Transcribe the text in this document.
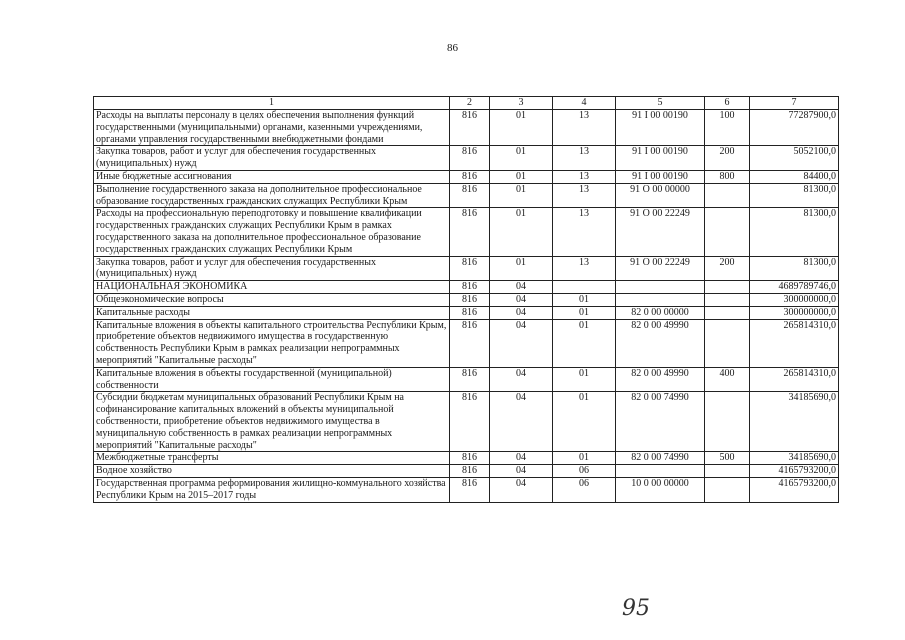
86
1	2	3	4	5	6	7
Расходы на выплаты персоналу в целях обеспечения выполнения функций государственными (муниципальными) органами, казенными учреждениями, органами управления государственными внебюджетными фондами	816	01	13	91 I 00 00190	100	77287900,0
Закупка товаров, работ и услуг для обеспечения государственных (муниципальных) нужд	816	01	13	91 I 00 00190	200	5052100,0
Иные бюджетные ассигнования	816	01	13	91 I 00 00190	800	84400,0
Выполнение государственного заказа на дополнительное профессиональное образование государственных гражданских служащих Республики Крым	816	01	13	91 O 00 00000		81300,0
Расходы на профессиональную переподготовку и повышение квалификации государственных гражданских служащих Республики Крым в рамках государственного заказа на дополнительное профессиональное образование государственных гражданских служащих Республики Крым	816	01	13	91 O 00 22249		81300,0
Закупка товаров, работ и услуг для обеспечения государственных (муниципальных) нужд	816	01	13	91 O 00 22249	200	81300,0
НАЦИОНАЛЬНАЯ ЭКОНОМИКА	816	04				4689789746,0
Общеэкономические вопросы	816	04	01			300000000,0
Капитальные расходы	816	04	01	82 0 00 00000		300000000,0
Капитальные вложения в объекты капитального строительства Республики Крым, приобретение объектов недвижимого имущества в государственную собственность Республики Крым в рамках реализации непрограммных мероприятий "Капитальные расходы"	816	04	01	82 0 00 49990		265814310,0
Капитальные вложения в объекты государственной (муниципальной) собственности	816	04	01	82 0 00 49990	400	265814310,0
Субсидии бюджетам муниципальных образований Республики Крым на софинансирование капитальных вложений в объекты муниципальной собственности, приобретение объектов недвижимого имущества в муниципальную собственность в рамках реализации непрограммных мероприятий "Капитальные расходы"	816	04	01	82 0 00 74990		34185690,0
Межбюджетные трансферты	816	04	01	82 0 00 74990	500	34185690,0
Водное хозяйство	816	04	06			4165793200,0
Государственная программа реформирования жилищно-коммунального хозяйства Республики Крым на 2015–2017 годы	816	04	06	10 0 00 00000		4165793200,0
95
